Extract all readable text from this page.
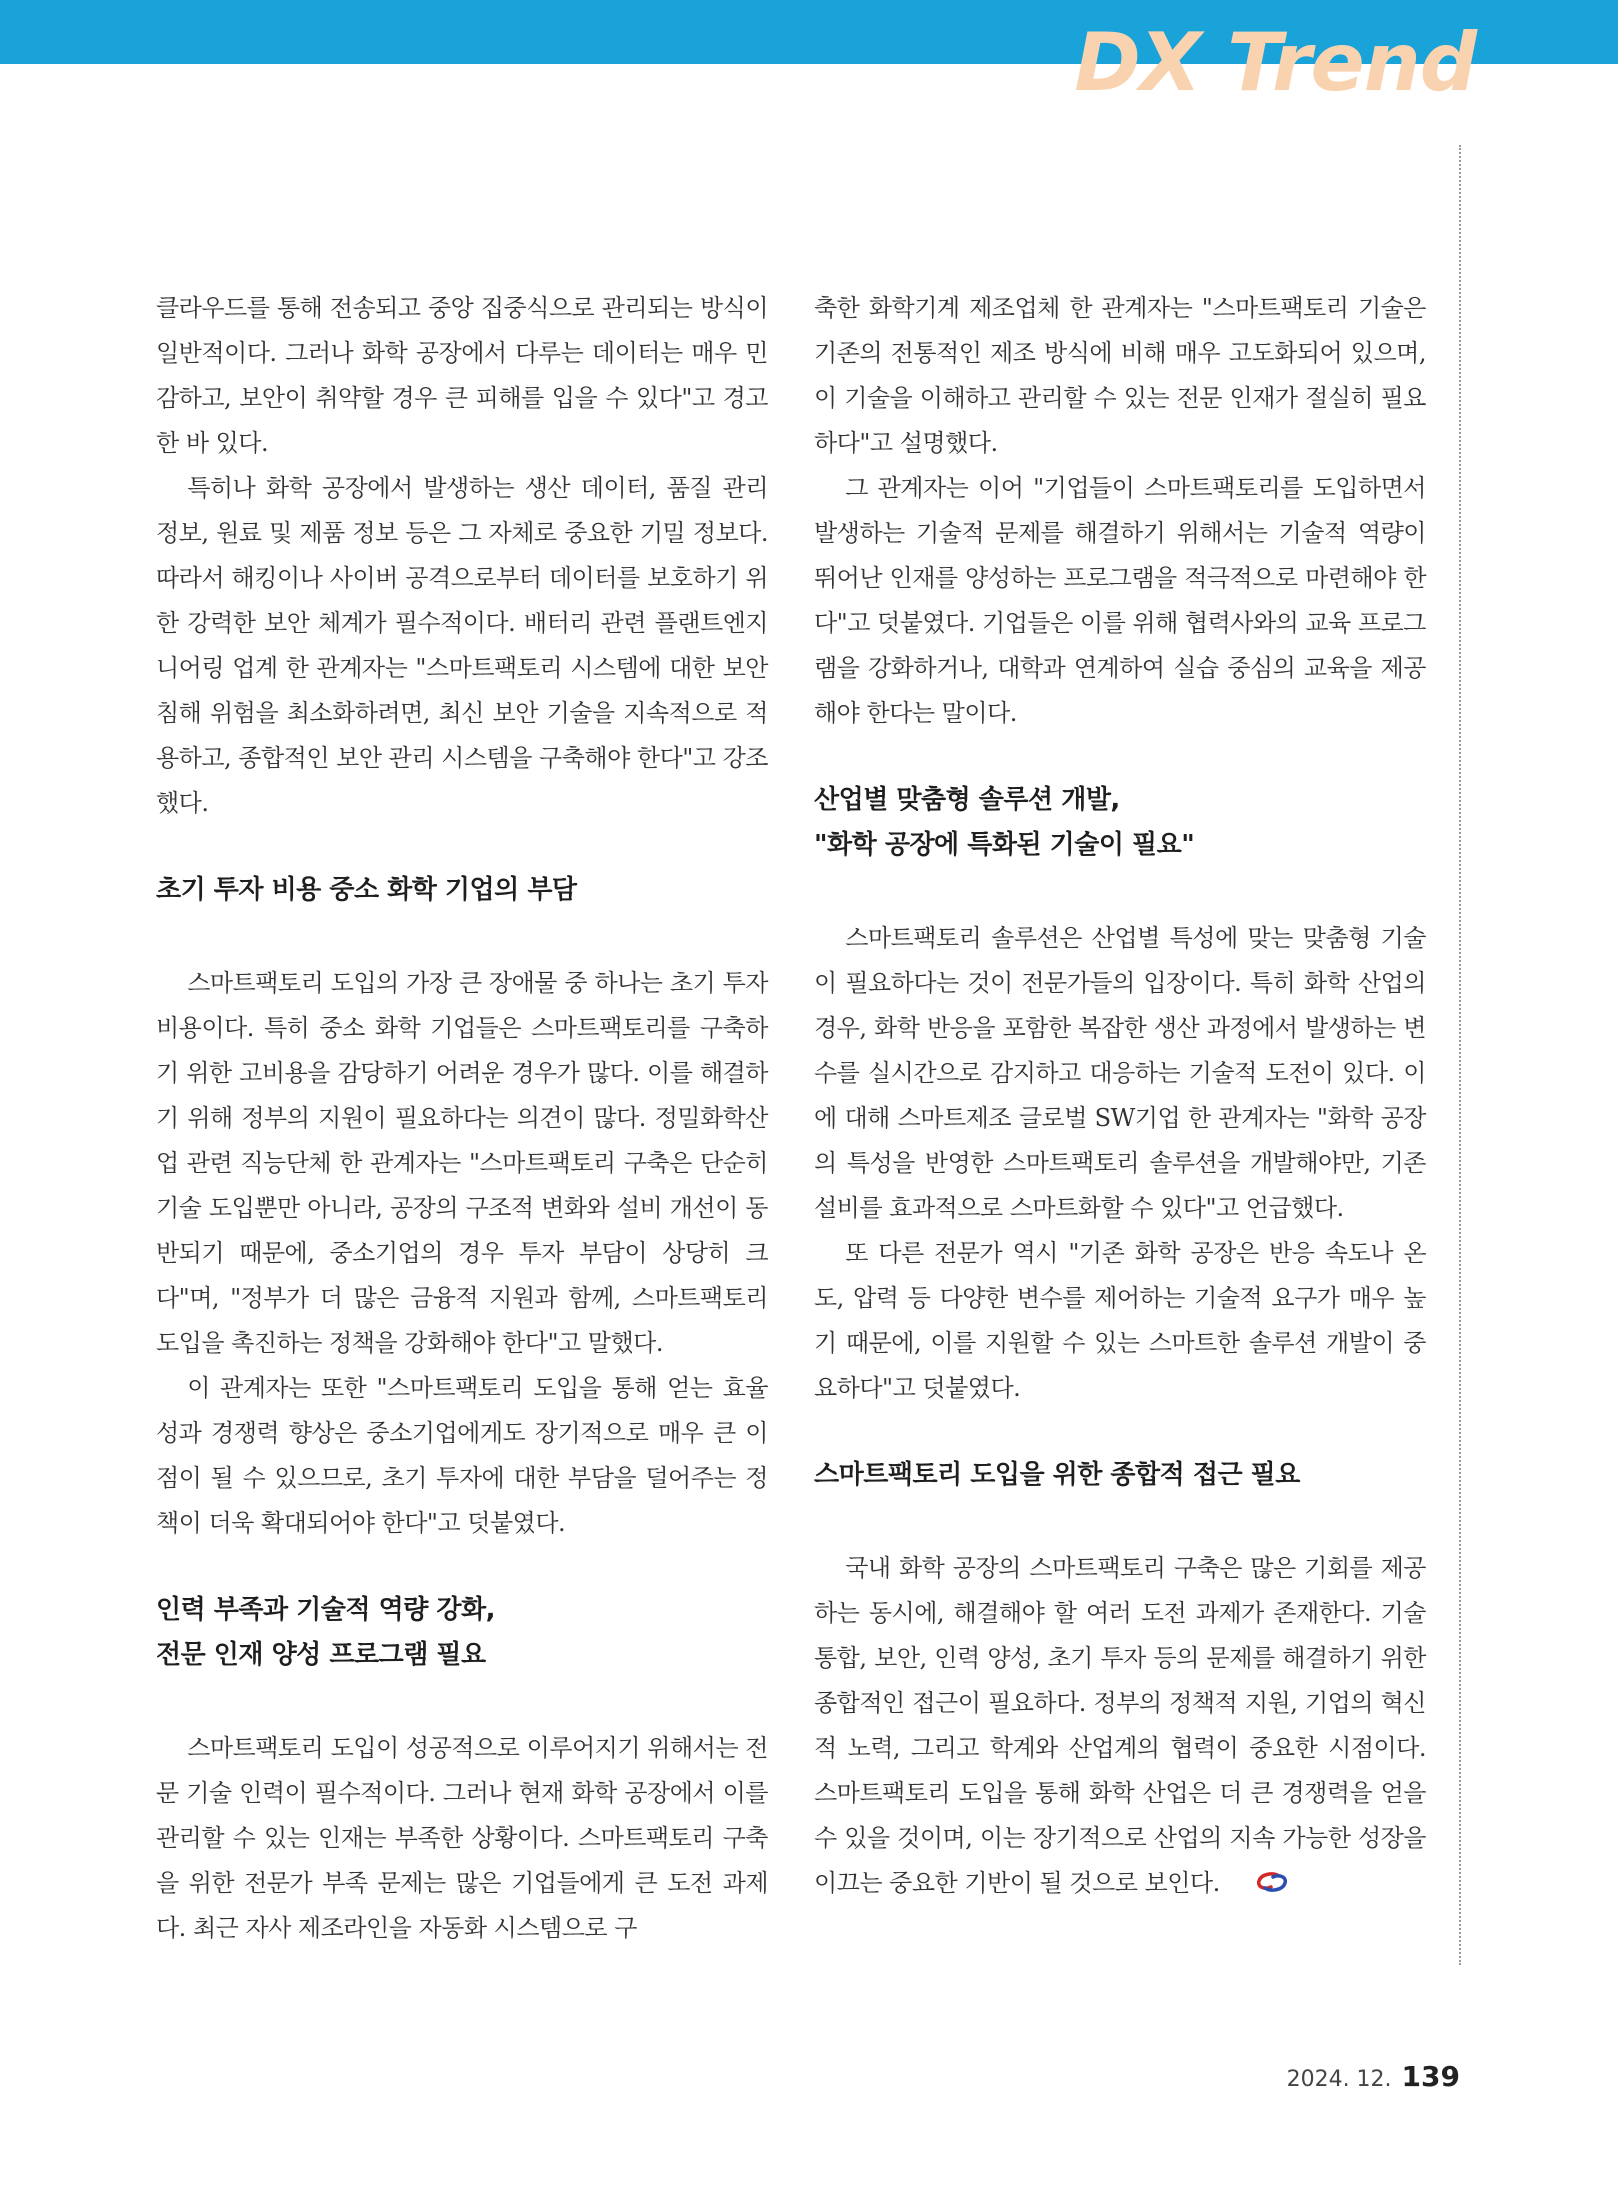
DX Trend

클라우드를 통해 전송되고 중앙 집중식으로 관리되는 방식이 일반적이다. 그러나 화학 공장에서 다루는 데이터는 매우 민감하고, 보안이 취약할 경우 큰 피해를 입을 수 있다"고 경고한 바 있다.

특히나 화학 공장에서 발생하는 생산 데이터, 품질 관리 정보, 원료 및 제품 정보 등은 그 자체로 중요한 기밀 정보다. 따라서 해킹이나 사이버 공격으로부터 데이터를 보호하기 위한 강력한 보안 체계가 필수적이다. 배터리 관련 플랜트엔지니어링 업계 한 관계자는 "스마트팩토리 시스템에 대한 보안 침해 위험을 최소화하려면, 최신 보안 기술을 지속적으로 적용하고, 종합적인 보안 관리 시스템을 구축해야 한다"고 강조했다.

초기 투자 비용 중소 화학 기업의 부담

스마트팩토리 도입의 가장 큰 장애물 중 하나는 초기 투자 비용이다. 특히 중소 화학 기업들은 스마트팩토리를 구축하기 위한 고비용을 감당하기 어려운 경우가 많다. 이를 해결하기 위해 정부의 지원이 필요하다는 의견이 많다. 정밀화학산업 관련 직능단체 한 관계자는 "스마트팩토리 구축은 단순히 기술 도입뿐만 아니라, 공장의 구조적 변화와 설비 개선이 동반되기 때문에, 중소기업의 경우 투자 부담이 상당히 크다"며, "정부가 더 많은 금융적 지원과 함께, 스마트팩토리 도입을 촉진하는 정책을 강화해야 한다"고 말했다.

이 관계자는 또한 "스마트팩토리 도입을 통해 얻는 효율성과 경쟁력 향상은 중소기업에게도 장기적으로 매우 큰 이점이 될 수 있으므로, 초기 투자에 대한 부담을 덜어주는 정책이 더욱 확대되어야 한다"고 덧붙였다.

인력 부족과 기술적 역량 강화,
전문 인재 양성 프로그램 필요

스마트팩토리 도입이 성공적으로 이루어지기 위해서는 전문 기술 인력이 필수적이다. 그러나 현재 화학 공장에서 이를 관리할 수 있는 인재는 부족한 상황이다. 스마트팩토리 구축을 위한 전문가 부족 문제는 많은 기업들에게 큰 도전 과제다. 최근 자사 제조라인을 자동화 시스템으로 구

축한 화학기계 제조업체 한 관계자는 "스마트팩토리 기술은 기존의 전통적인 제조 방식에 비해 매우 고도화되어 있으며, 이 기술을 이해하고 관리할 수 있는 전문 인재가 절실히 필요하다"고 설명했다.

그 관계자는 이어 "기업들이 스마트팩토리를 도입하면서 발생하는 기술적 문제를 해결하기 위해서는 기술적 역량이 뛰어난 인재를 양성하는 프로그램을 적극적으로 마련해야 한다"고 덧붙였다. 기업들은 이를 위해 협력사와의 교육 프로그램을 강화하거나, 대학과 연계하여 실습 중심의 교육을 제공해야 한다는 말이다.

산업별 맞춤형 솔루션 개발,
"화학 공장에 특화된 기술이 필요"

스마트팩토리 솔루션은 산업별 특성에 맞는 맞춤형 기술이 필요하다는 것이 전문가들의 입장이다. 특히 화학 산업의 경우, 화학 반응을 포함한 복잡한 생산 과정에서 발생하는 변수를 실시간으로 감지하고 대응하는 기술적 도전이 있다. 이에 대해 스마트제조 글로벌 SW기업 한 관계자는 "화학 공장의 특성을 반영한 스마트팩토리 솔루션을 개발해야만, 기존 설비를 효과적으로 스마트화할 수 있다"고 언급했다.

또 다른 전문가 역시 "기존 화학 공장은 반응 속도나 온도, 압력 등 다양한 변수를 제어하는 기술적 요구가 매우 높기 때문에, 이를 지원할 수 있는 스마트한 솔루션 개발이 중요하다"고 덧붙였다.

스마트팩토리 도입을 위한 종합적 접근 필요

국내 화학 공장의 스마트팩토리 구축은 많은 기회를 제공하는 동시에, 해결해야 할 여러 도전 과제가 존재한다. 기술 통합, 보안, 인력 양성, 초기 투자 등의 문제를 해결하기 위한 종합적인 접근이 필요하다. 정부의 정책적 지원, 기업의 혁신적 노력, 그리고 학계와 산업계의 협력이 중요한 시점이다. 스마트팩토리 도입을 통해 화학 산업은 더 큰 경쟁력을 얻을 수 있을 것이며, 이는 장기적으로 산업의 지속 가능한 성장을 이끄는 중요한 기반이 될 것으로 보인다.

2024. 12. 139
